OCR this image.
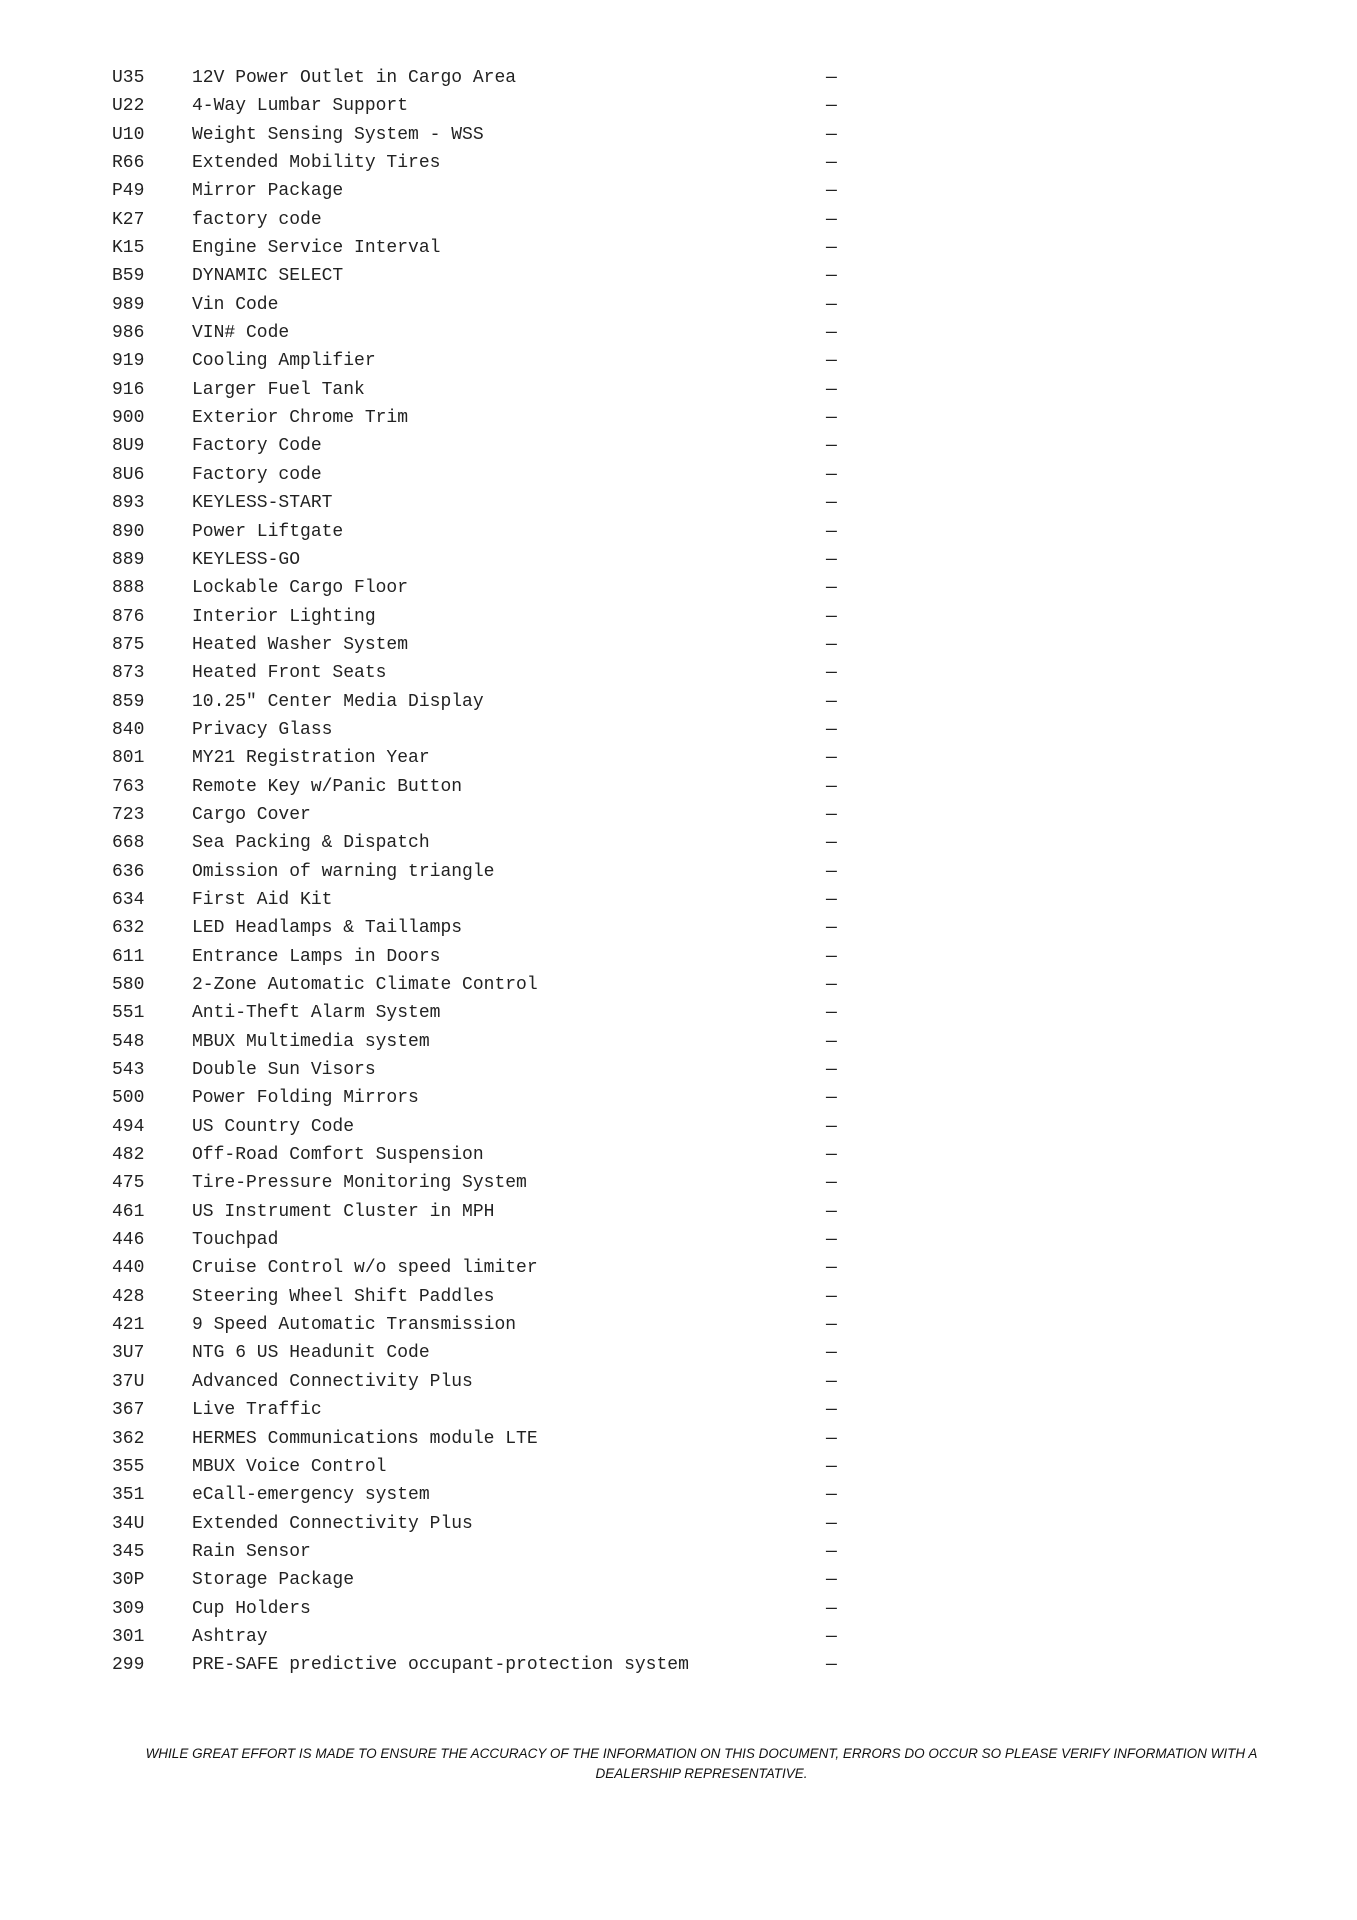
U35	12V Power Outlet in Cargo Area	—
U22	4-Way Lumbar Support	—
U10	Weight Sensing System - WSS	—
R66	Extended Mobility Tires	—
P49	Mirror Package	—
K27	factory code	—
K15	Engine Service Interval	—
B59	DYNAMIC SELECT	—
989	Vin Code	—
986	VIN# Code	—
919	Cooling Amplifier	—
916	Larger Fuel Tank	—
900	Exterior Chrome Trim	—
8U9	Factory Code	—
8U6	Factory code	—
893	KEYLESS-START	—
890	Power Liftgate	—
889	KEYLESS-GO	—
888	Lockable Cargo Floor	—
876	Interior Lighting	—
875	Heated Washer System	—
873	Heated Front Seats	—
859	10.25" Center Media Display	—
840	Privacy Glass	—
801	MY21 Registration Year	—
763	Remote Key w/Panic Button	—
723	Cargo Cover	—
668	Sea Packing & Dispatch	—
636	Omission of warning triangle	—
634	First Aid Kit	—
632	LED Headlamps & Taillamps	—
611	Entrance Lamps in Doors	—
580	2-Zone Automatic Climate Control	—
551	Anti-Theft Alarm System	—
548	MBUX Multimedia system	—
543	Double Sun Visors	—
500	Power Folding Mirrors	—
494	US Country Code	—
482	Off-Road Comfort Suspension	—
475	Tire-Pressure Monitoring System	—
461	US Instrument Cluster in MPH	—
446	Touchpad	—
440	Cruise Control w/o speed limiter	—
428	Steering Wheel Shift Paddles	—
421	9 Speed Automatic Transmission	—
3U7	NTG 6 US Headunit Code	—
37U	Advanced Connectivity Plus	—
367	Live Traffic	—
362	HERMES Communications module LTE	—
355	MBUX Voice Control	—
351	eCall-emergency system	—
34U	Extended Connectivity Plus	—
345	Rain Sensor	—
30P	Storage Package	—
309	Cup Holders	—
301	Ashtray	—
299	PRE-SAFE predictive occupant-protection system	—

WHILE GREAT EFFORT IS MADE TO ENSURE THE ACCURACY OF THE INFORMATION ON THIS DOCUMENT, ERRORS DO OCCUR SO PLEASE VERIFY INFORMATION WITH A DEALERSHIP REPRESENTATIVE.
